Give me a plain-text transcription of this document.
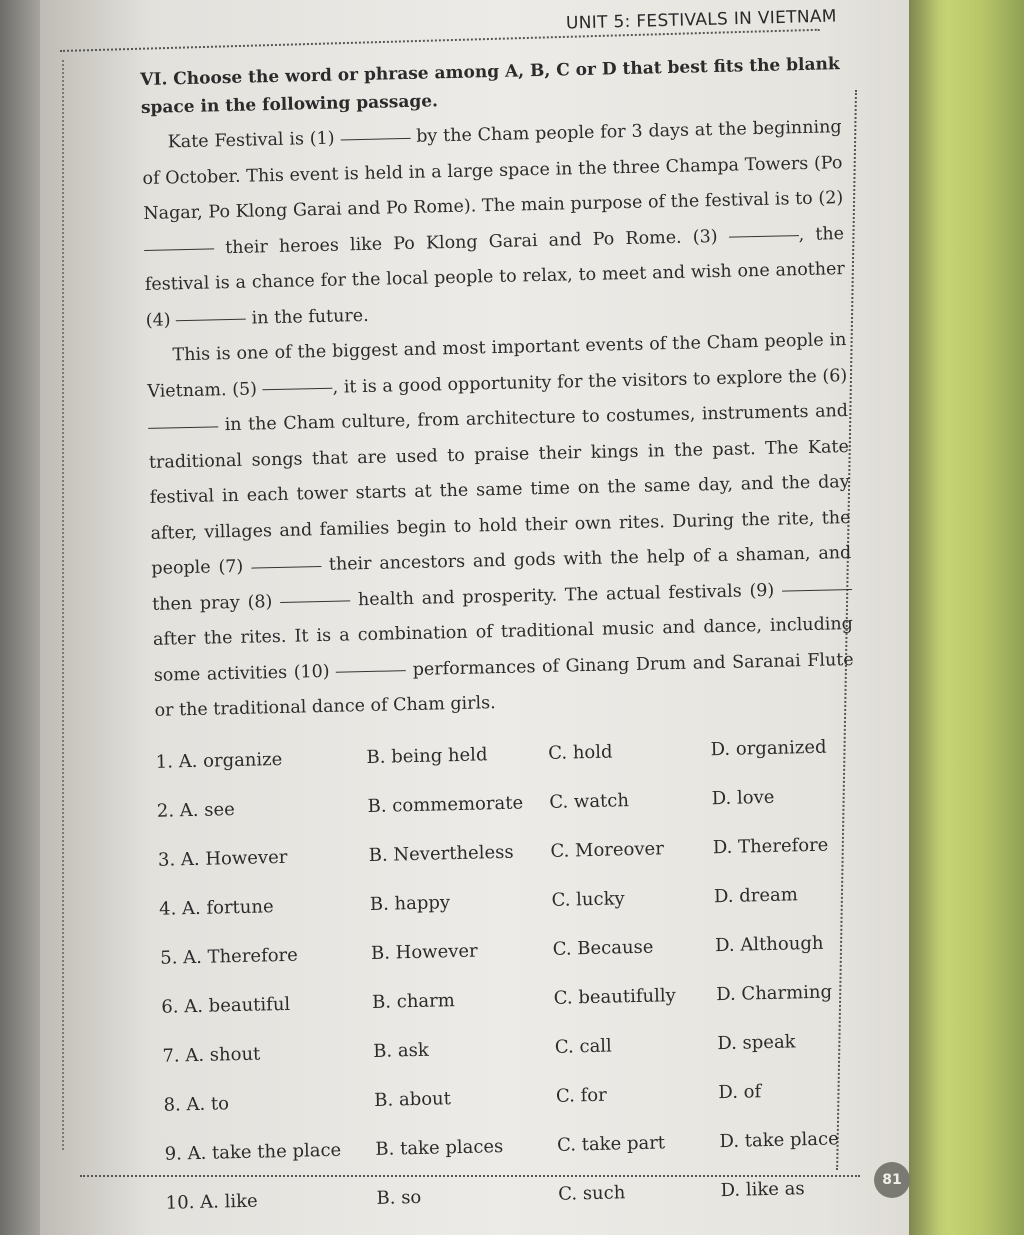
UNIT 5: FESTIVALS IN VIETNAM

VI. Choose the word or phrase among A, B, C or D that best fits the blank space in the following passage.

Kate Festival is (1)	by the Cham people for 3 days at the beginning of October. This event is held in a large space in the three Champa Towers (Po Nagar, Po Klong Garai and Po Rome). The main purpose of the festival is to (2)  their heroes like Po Klong Garai and Po Rome. (3)	, the festival is a chance for the local people to relax, to meet and wish one another (4)	in the future.

This is one of the biggest and most important events of the Cham people in Vietnam. (5)	, it is a good opportunity for the visitors to explore the (6)  in the Cham culture, from architecture to costumes, instruments and traditional songs that are used to praise their kings in the past. The Kate festival in each tower starts at the same time on the same day, and the day after, villages and families begin to hold their own rites. During the rite, the people (7)	their ancestors and gods with the help of a shaman, and then pray (8)	health and prosperity. The actual festivals (9)  after the rites. It is a combination of traditional music and dance, including some activities (10)	performances of Ginang Drum and Saranai Flute or the traditional dance of Cham girls.

1. A. organize	B. being held	C. hold	D. organized
2. A. see	B. commemorate	C. watch	D. love
3. A. However	B. Nevertheless	C. Moreover	D. Therefore
4. A. fortune	B. happy	C. lucky	D. dream
5. A. Therefore	B. However	C. Because	D. Although
6. A. beautiful	B. charm	C. beautifully	D. Charming
7. A. shout	B. ask	C. call	D. speak
8. A. to	B. about	C. for	D. of
9. A. take the place	B. take places	C. take part	D. take place
10. A. like	B. so	C. such	D. like as	81
